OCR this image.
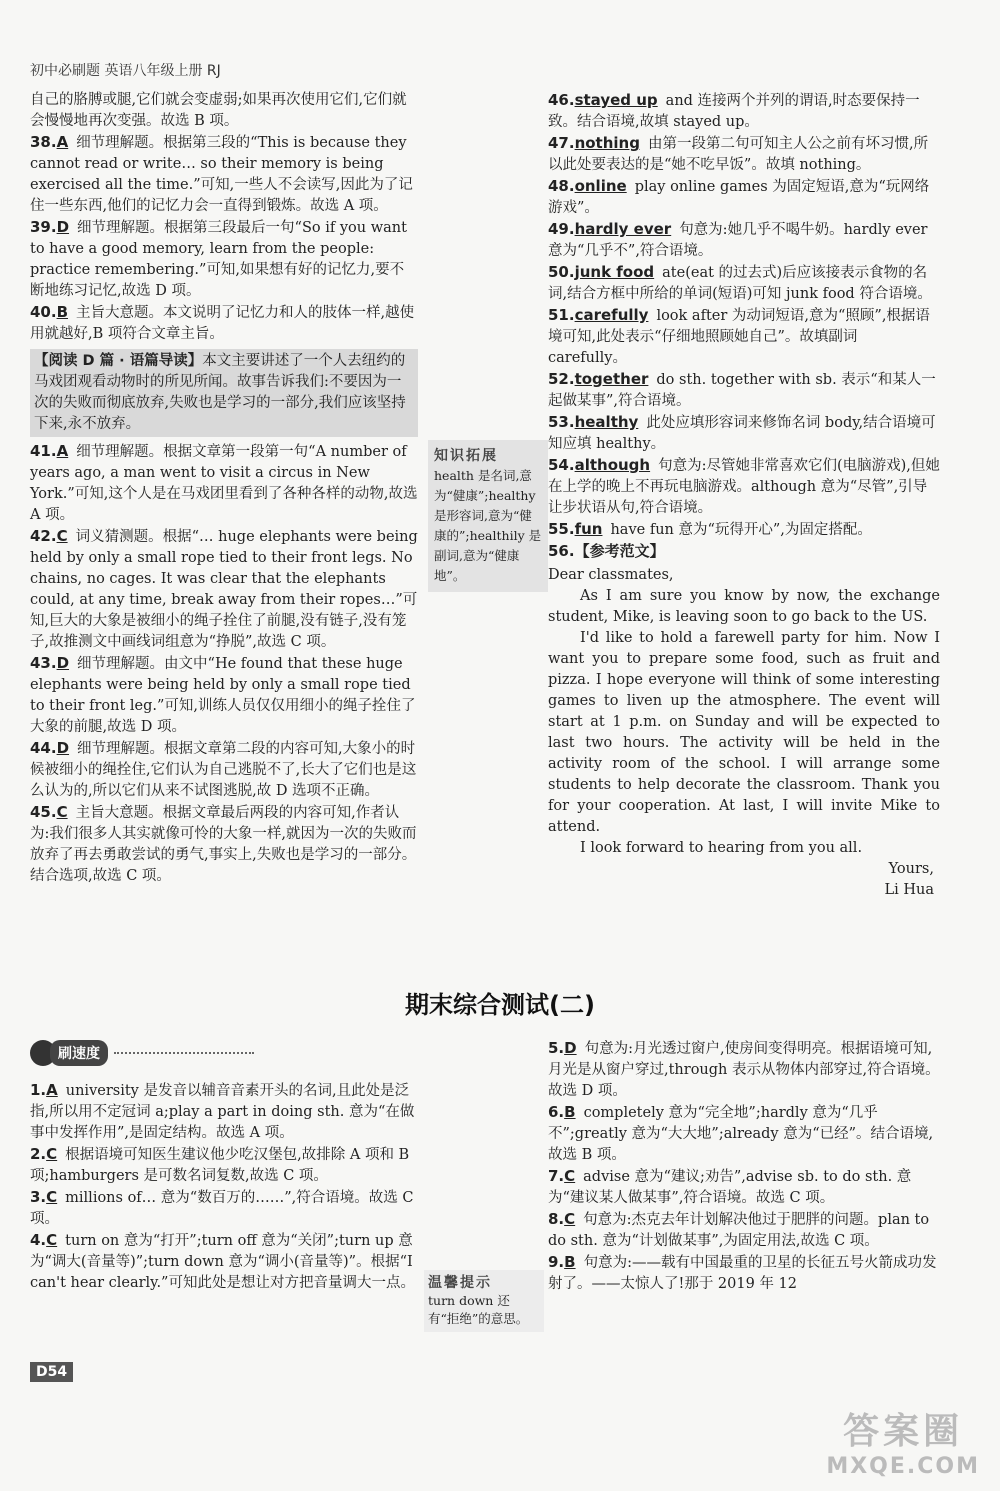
初中必刷题 英语八年级上册 RJ
自己的胳膊或腿,它们就会变虚弱;如果再次使用它们,它们就会慢慢地再次变强。故选 B 项。
38.A 细节理解题。根据第三段的“This is because they cannot read or write… so their memory is being exercised all the time.”可知,一些人不会读写,因此为了记住一些东西,他们的记忆力会一直得到锻炼。故选 A 项。
39.D 细节理解题。根据第三段最后一句“So if you want to have a good memory, learn from the people: practice remembering.”可知,如果想有好的记忆力,要不断地练习记忆,故选 D 项。
40.B 主旨大意题。本文说明了记忆力和人的肢体一样,越使用就越好,B 项符合文章主旨。
【阅读 D 篇 · 语篇导读】本文主要讲述了一个人去纽约的马戏团观看动物时的所见所闻。故事告诉我们:不要因为一次的失败而彻底放弃,失败也是学习的一部分,我们应该坚持下来,永不放弃。
41.A 细节理解题。根据文章第一段第一句“A number of years ago, a man went to visit a circus in New York.”可知,这个人是在马戏团里看到了各种各样的动物,故选 A 项。
42.C 词义猜测题。根据“… huge elephants were being held by only a small rope tied to their front legs. No chains, no cages. It was clear that the elephants could, at any time, break away from their ropes…”可知,巨大的大象是被细小的绳子拴住了前腿,没有链子,没有笼子,故推测文中画线词组意为“挣脱”,故选 C 项。
43.D 细节理解题。由文中“He found that these huge elephants were being held by only a small rope tied to their front leg.”可知,训练人员仅仅用细小的绳子拴住了大象的前腿,故选 D 项。
44.D 细节理解题。根据文章第二段的内容可知,大象小的时候被细小的绳拴住,它们认为自己逃脱不了,长大了它们也是这么认为的,所以它们从来不试图逃脱,故 D 选项不正确。
45.C 主旨大意题。根据文章最后两段的内容可知,作者认为:我们很多人其实就像可怜的大象一样,就因为一次的失败而放弃了再去勇敢尝试的勇气,事实上,失败也是学习的一部分。结合选项,故选 C 项。
知识拓展
health 是名词,意为“健康”;healthy 是形容词,意为“健康的”;healthily 是副词,意为“健康地”。
46.stayed up and 连接两个并列的谓语,时态要保持一致。结合语境,故填 stayed up。
47.nothing 由第一段第二句可知主人公之前有坏习惯,所以此处要表达的是“她不吃早饭”。故填 nothing。
48.online play online games 为固定短语,意为“玩网络游戏”。
49.hardly ever 句意为:她几乎不喝牛奶。hardly ever 意为“几乎不”,符合语境。
50.junk food ate(eat 的过去式)后应该接表示食物的名词,结合方框中所给的单词(短语)可知 junk food 符合语境。
51.carefully look after 为动词短语,意为“照顾”,根据语境可知,此处表示“仔细地照顾她自己”。故填副词 carefully。
52.together do sth. together with sb. 表示“和某人一起做某事”,符合语境。
53.healthy 此处应填形容词来修饰名词 body,结合语境可知应填 healthy。
54.although 句意为:尽管她非常喜欢它们(电脑游戏),但她在上学的晚上不再玩电脑游戏。although 意为“尽管”,引导让步状语从句,符合语境。
55.fun have fun 意为“玩得开心”,为固定搭配。
56.【参考范文】

Dear classmates,

As I am sure you know by now, the exchange student, Mike, is leaving soon to go back to the US.

I'd like to hold a farewell party for him. Now I want you to prepare some food, such as fruit and pizza. I hope everyone will think of some interesting games to liven up the atmosphere. The event will start at 1 p.m. on Sunday and will be expected to last two hours. The activity will be held in the activity room of the school. I will arrange some students to help decorate the classroom. Thank you for your cooperation. At last, I will invite Mike to attend.

I look forward to hearing from you all.

Yours,
Li Hua
期末综合测试(二)
刷速度
1.A university 是发音以辅音音素开头的名词,且此处是泛指,所以用不定冠词 a;play a part in doing sth. 意为“在做事中发挥作用”,是固定结构。故选 A 项。
2.C 根据语境可知医生建议他少吃汉堡包,故排除 A 项和 B 项;hamburgers 是可数名词复数,故选 C 项。
3.C millions of… 意为“数百万的……”,符合语境。故选 C 项。
4.C turn on 意为“打开”;turn off 意为“关闭”;turn up 意为“调大(音量等)”;turn down 意为“调小(音量等)”。根据“I can't hear clearly.”可知此处是想让对方把音量调大一点。
5.D 句意为:月光透过窗户,使房间变得明亮。根据语境可知,月光是从窗户穿过,through 表示从物体内部穿过,符合语境。故选 D 项。
6.B completely 意为“完全地”;hardly 意为“几乎不”;greatly 意为“大大地”;already 意为“已经”。结合语境,故选 B 项。
7.C advise 意为“建议;劝告”,advise sb. to do sth. 意为“建议某人做某事”,符合语境。故选 C 项。
8.C 句意为:杰克去年计划解决他过于肥胖的问题。plan to do sth. 意为“计划做某事”,为固定用法,故选 C 项。
9.B 句意为:——载有中国最重的卫星的长征五号火箭成功发射了。——太惊人了!那于 2019 年 12
温馨提示
turn down 还有“拒绝”的意思。
D54
答案圈
MXQE.COM
